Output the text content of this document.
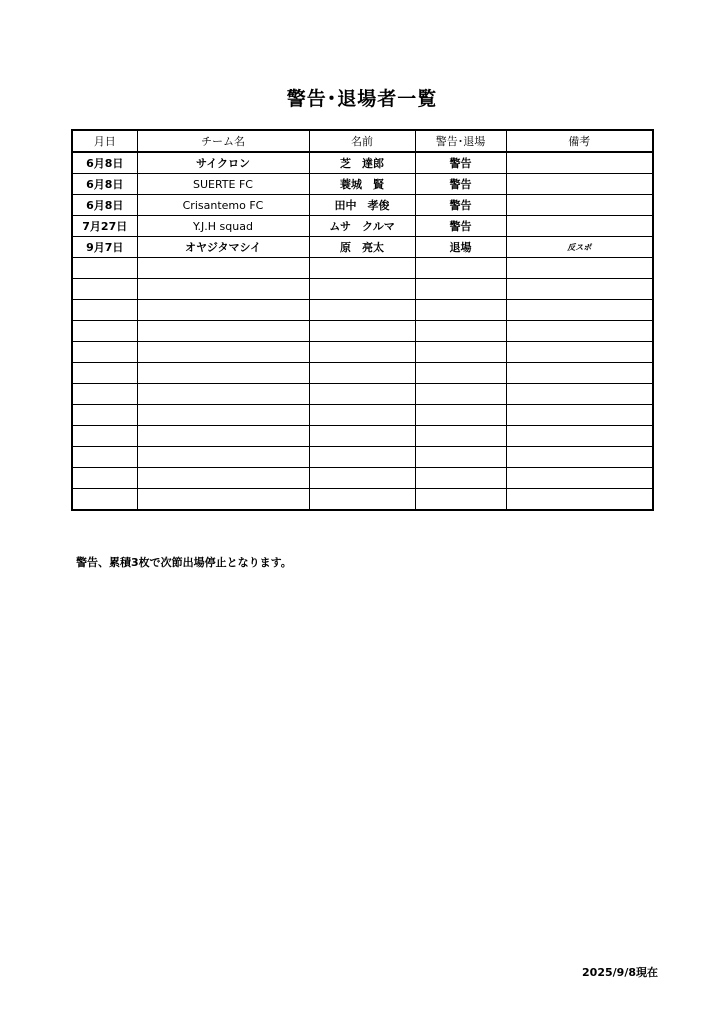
警告･退場者一覧
月日	チーム名	名前	警告･退場	備考
6月8日	サイクロン	芝　達郎	警告	
6月8日	SUERTE FC	蓑城　賢	警告	
6月8日	Crisantemo FC	田中　孝俊	警告	
7月27日	Y.J.H squad	ムサ　クルマ	警告	
9月7日	オヤジタマシイ	原　亮太	退場	反スポ

警告、累積3枚で次節出場停止となります。
2025/9/8現在
